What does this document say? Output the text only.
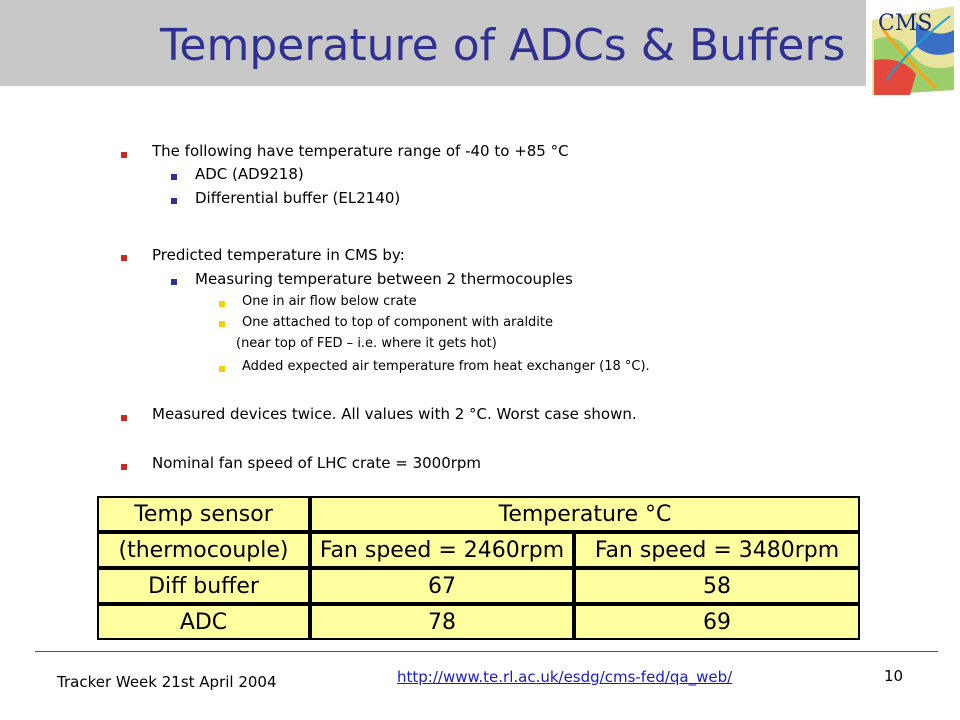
Temperature of ADCs & Buffers CMS
The following have temperature range of -40 to +85 °C
ADC (AD9218)
Differential buffer (EL2140)
Predicted temperature in CMS by:
Measuring temperature between 2 thermocouples
One in air flow below crate
One attached to top of component with araldite
(near top of FED – i.e. where it gets hot)
Added expected air temperature from heat exchanger (18 °C).
Measured devices twice. All values with 2 °C. Worst case shown.
Nominal fan speed of LHC crate = 3000rpm
Temp sensor	Temperature °C	
(thermocouple)	Fan speed = 2460rpm	Fan speed = 3480rpm
Diff buffer	67	58
ADC	78	69
Tracker Week 21st April 2004	http://www.te.rl.ac.uk/esdg/cms-fed/qa_web/	10
